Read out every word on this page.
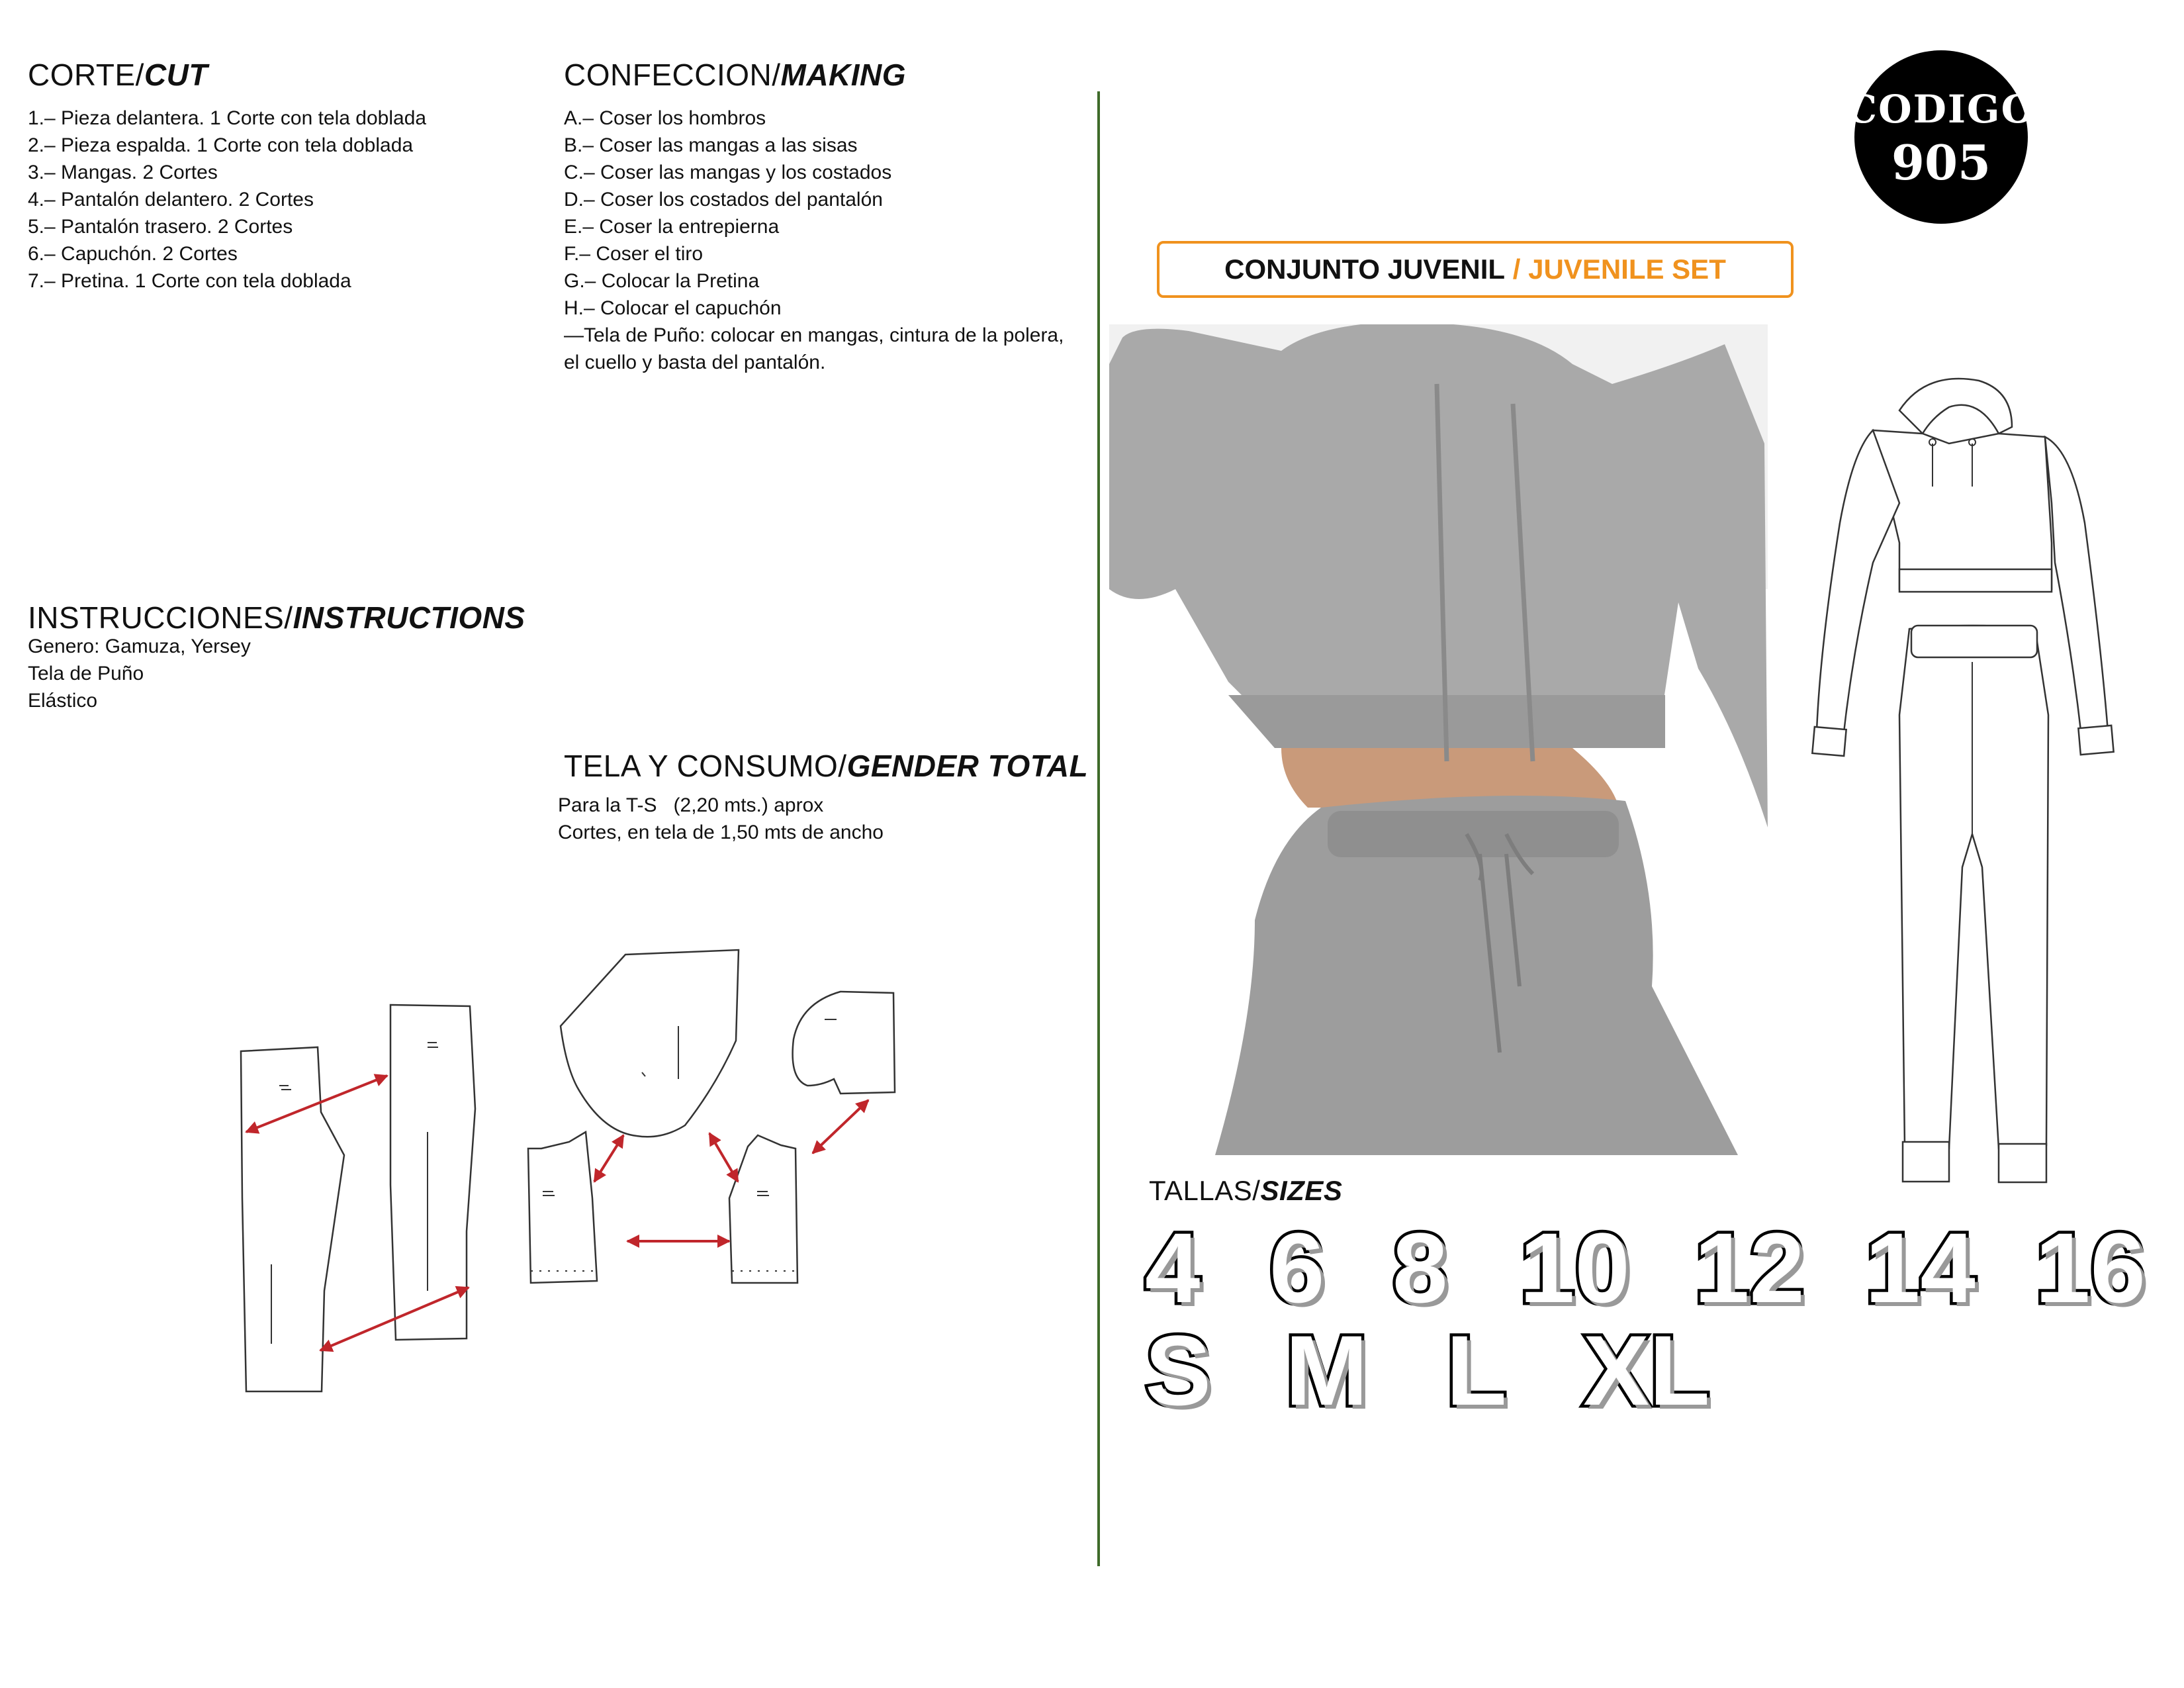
CORTE/CUT
1.– Pieza delantera. 1 Corte con tela doblada
2.– Pieza espalda. 1 Corte con tela doblada
3.– Mangas. 2 Cortes
4.– Pantalón delantero. 2 Cortes
5.– Pantalón trasero. 2 Cortes
6.– Capuchón. 2 Cortes
7.– Pretina. 1 Corte con tela doblada
CONFECCION/MAKING
A.– Coser los hombros
B.– Coser las mangas a las sisas
C.– Coser las mangas y los costados
D.– Coser los costados del pantalón
E.– Coser la entrepierna
F.– Coser el tiro
G.– Colocar la Pretina
H.– Colocar el capuchón
—Tela de Puño: colocar en mangas, cintura de la polera,
el cuello y basta del pantalón.
INSTRUCCIONES/INSTRUCTIONS
Genero: Gamuza, Yersey
Tela de Puño
Elástico
TELA Y CONSUMO/GENDER TOTAL
Para la T-S   (2,20 mts.) aprox
Cortes, en tela de 1,50 mts de ancho
CONJUNTO JUVENIL / JUVENILE SET
CODIGO
905
TALLAS/SIZES
4 6 8 10 12 14 16
S M L XL
